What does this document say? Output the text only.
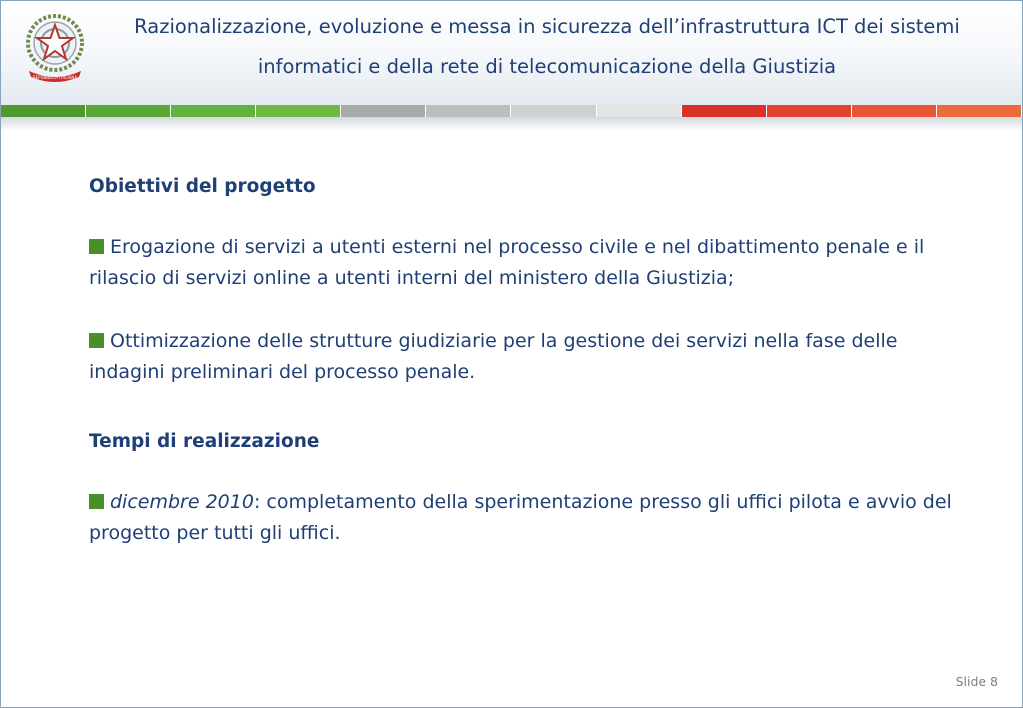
REPUBBLICA ITALIANA
Razionalizzazione, evoluzione e messa in sicurezza dell’infrastruttura ICT dei sistemi
informatici e della rete di telecomunicazione della Giustizia

Obiettivi del progetto

Erogazione di servizi a utenti esterni nel processo civile e nel dibattimento penale e il rilascio di servizi online a utenti interni del ministero della Giustizia;

Ottimizzazione delle strutture giudiziarie per la gestione dei servizi nella fase delle indagini preliminari del processo penale.

Tempi di realizzazione

dicembre 2010: completamento della sperimentazione presso gli uffici pilota e avvio del progetto per tutti gli uffici.

Slide 8
